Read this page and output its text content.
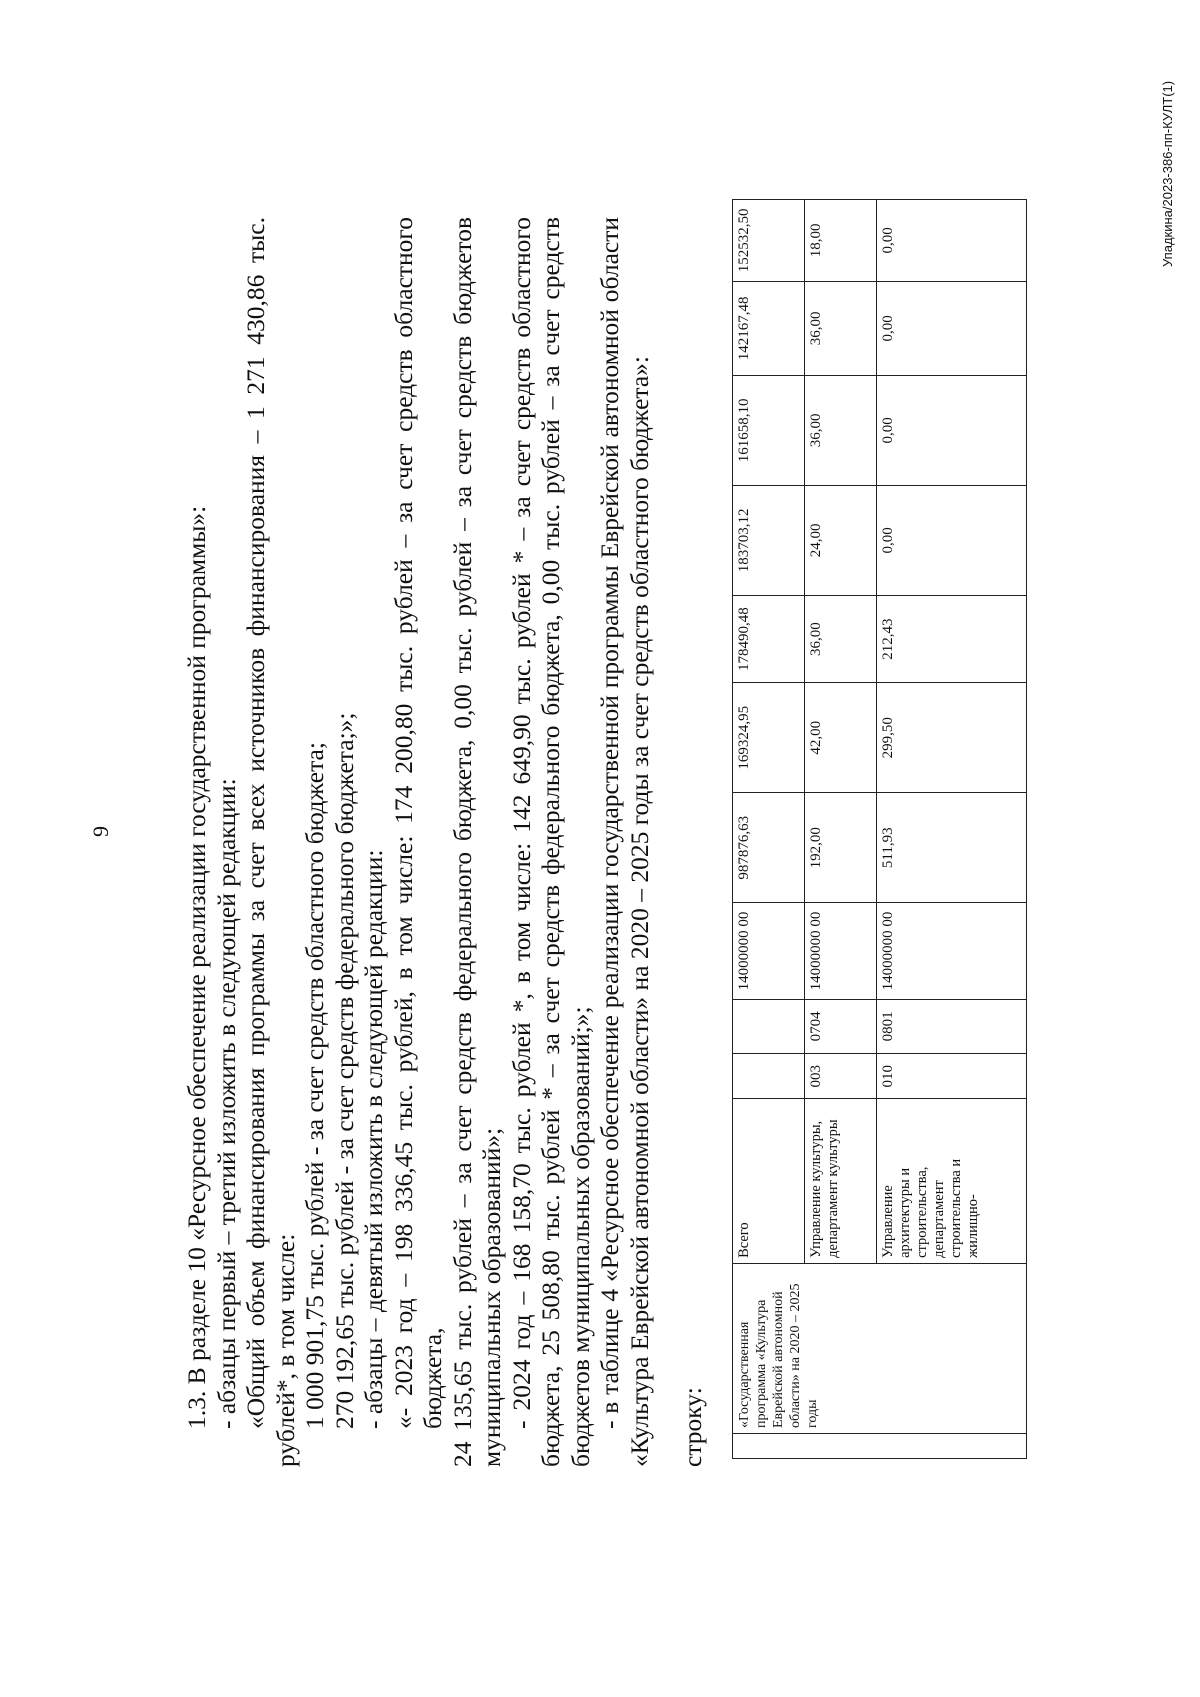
9	1.3. В разделе 10 «Ресурсное обеспечение реализации государственной программы»: - абзацы первый – третий изложить в следующей редакции: «Общий объем финансирования программы за счет всех источников финансирования – 1 271 430,86 тыс. рублей*, в том числе: 1 000 901,75 тыс. рублей - за счет средств областного бюджета; 270 192,65 тыс. рублей - за счет средств федерального бюджета;»; - абзацы – девятый изложить в следующей редакции: «- 2023 год – 198 336,45 тыс. рублей, в том числе: 174 200,80 тыс. рублей – за счет средств областного бюджета, 24 135,65 тыс. рублей – за счет средств федерального бюджета, 0,00 тыс. рублей – за счет средств бюджетов муниципальных образований»; - 2024 год – 168 158,70 тыс. рублей *, в том числе: 142 649,90 тыс. рублей * – за счет средств областного бюджета, 25 508,80 тыс. рублей * – за счет средств федерального бюджета, 0,00 тыс. рублей – за счет средств бюджетов муниципальных образований;»; - в таблице 4 «Ресурсное обеспечение реализации государственной программы Еврейской автономной области «Культура Еврейской автономной области» на 2020 – 2025 годы за счет средств областного бюджета»: строку:
	«Государственная программа «Культура Еврейской автономной области» на 2020 – 2025 годы	Всего			14000000 00	987876,63	169324,95	178490,48	183703,12	161658,10	142167,48	152532,50
		Управление культуры, департамент культуры	003	0704	14000000 00	192,00	42,00	36,00	24,00	36,00	36,00	18,00
		Управление архитектуры и строительства, департамент строительства и жилищно-	010	0801	14000000 00	511,93	299,50	212,43	0,00	0,00	0,00	0,00	Упадкина/2023-386-пп-КУЛТ(1)
